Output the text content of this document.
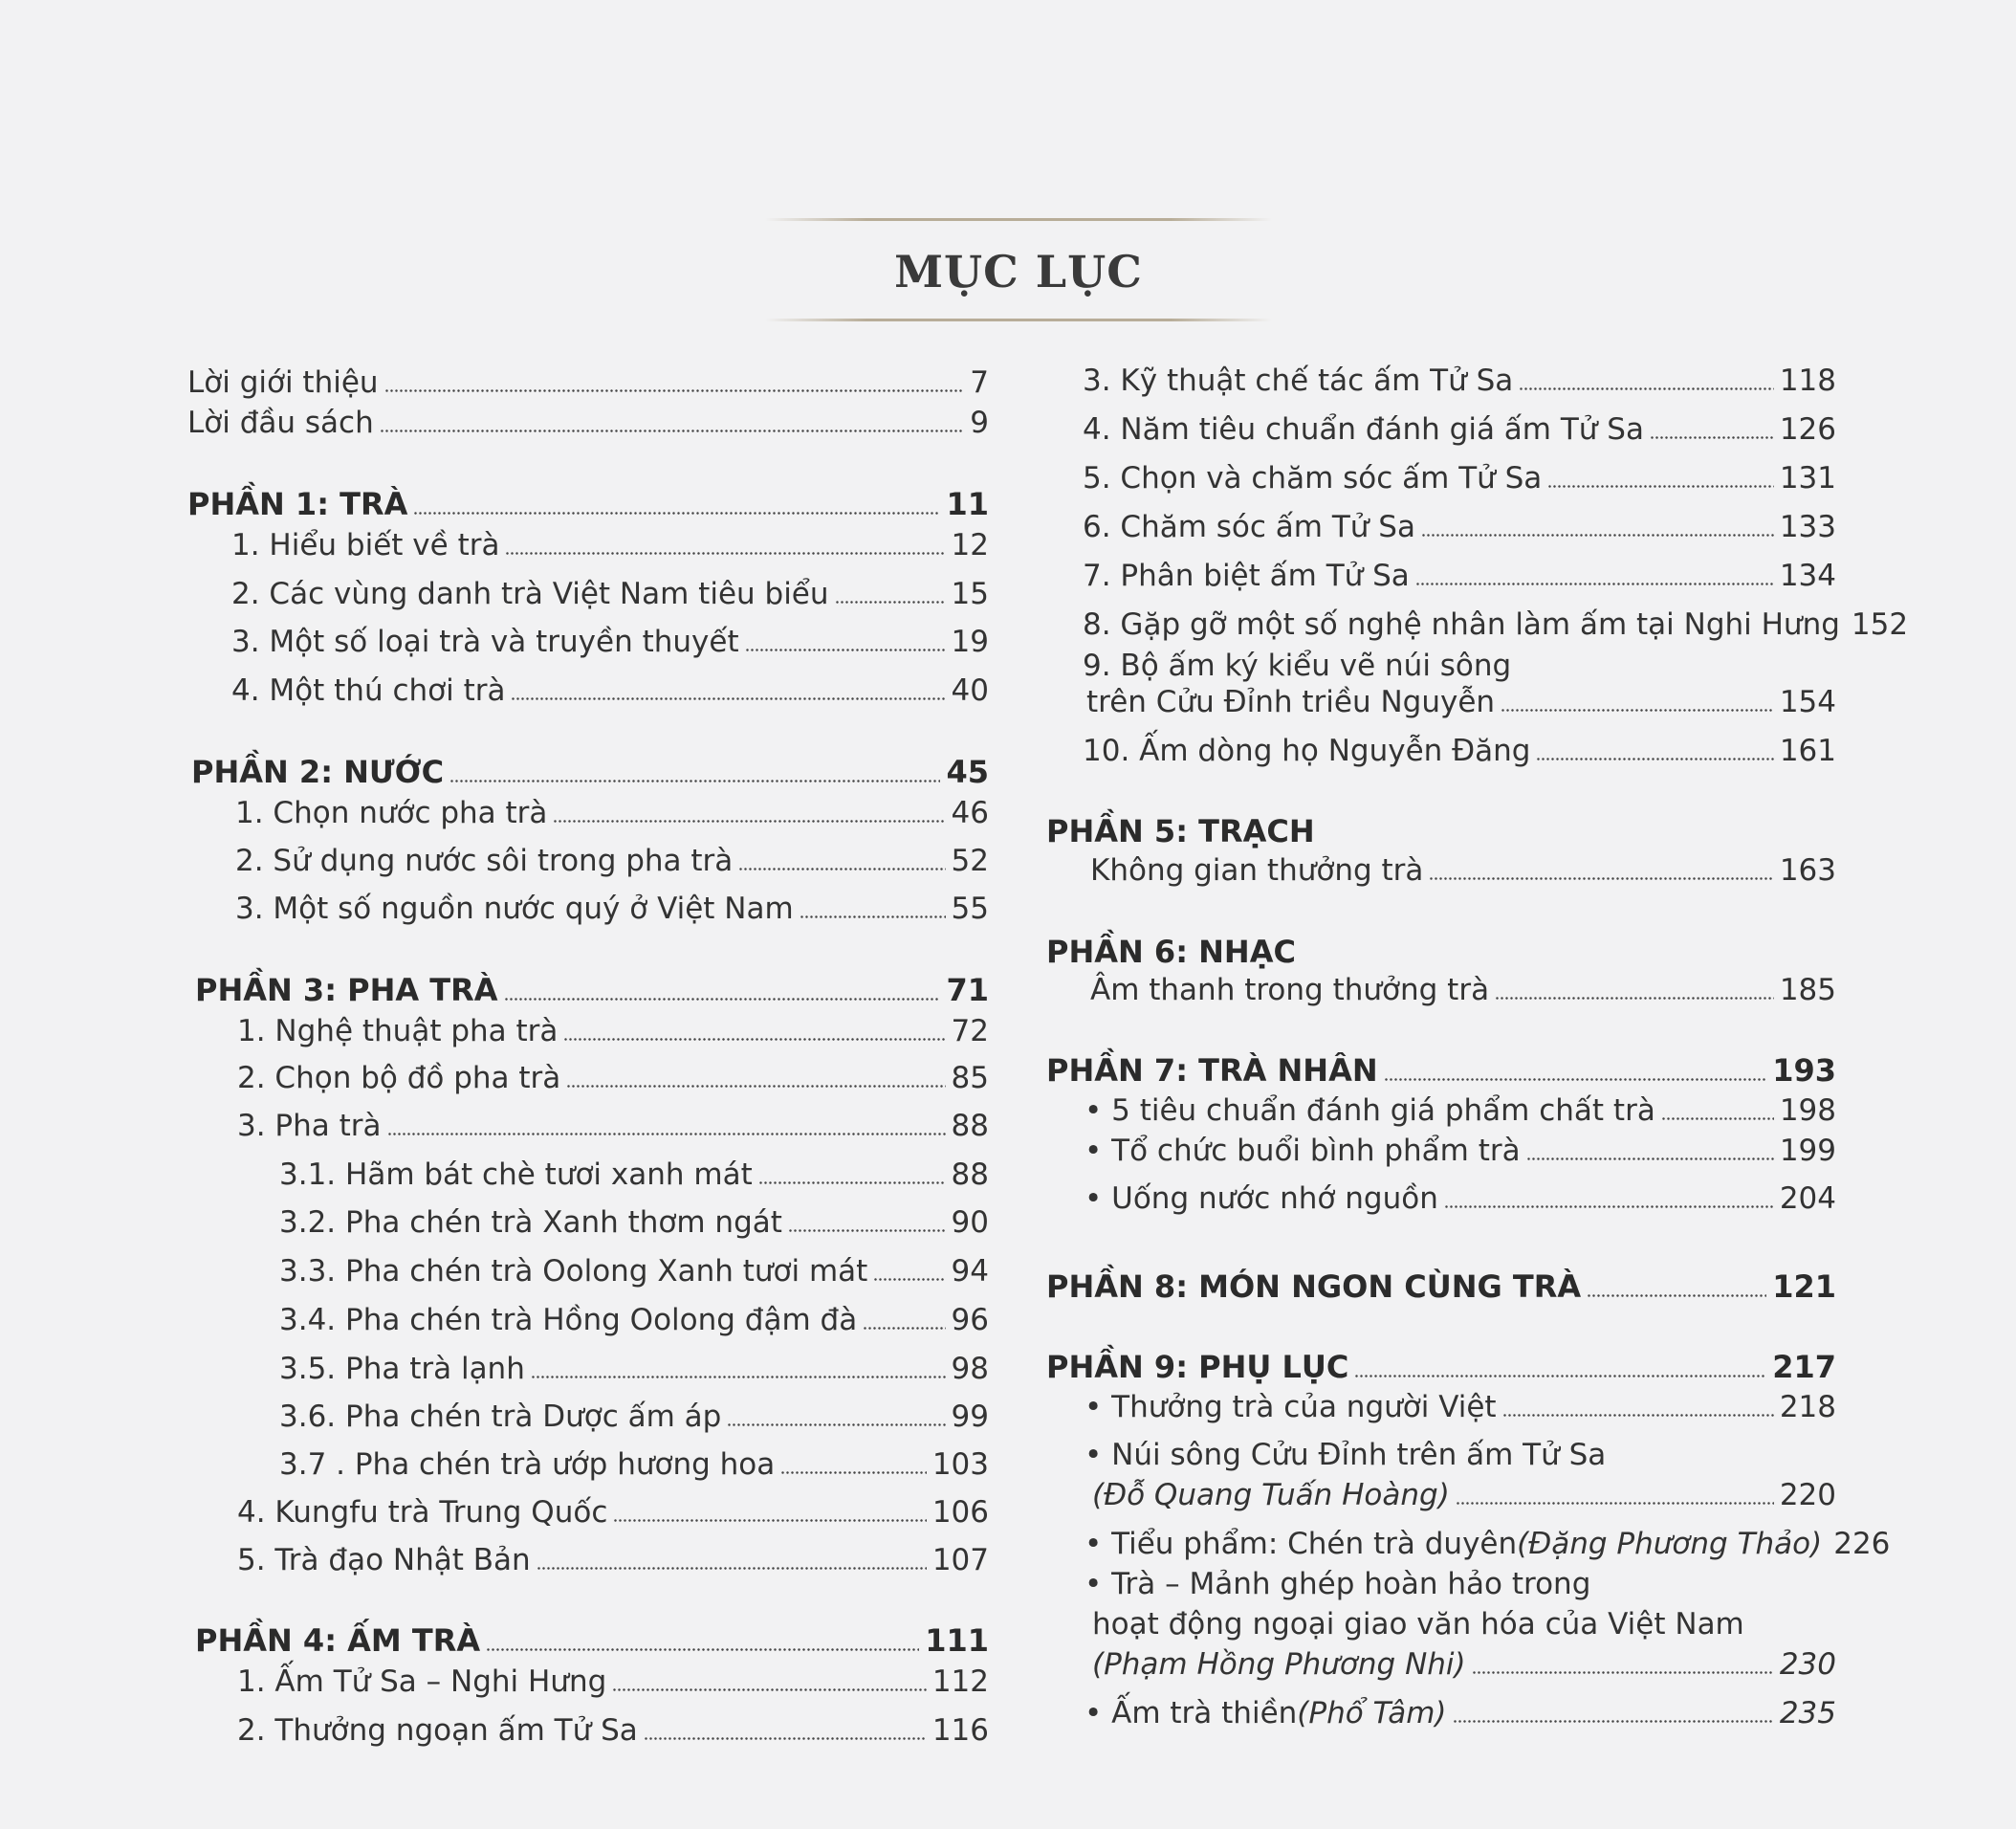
MỤC LỤC
Lời giới thiệu	7
Lời đầu sách	9
PHẦN 1: TRÀ	11
1. Hiểu biết về trà	12
2. Các vùng danh trà Việt Nam tiêu biểu	15
3. Một số loại trà và truyền thuyết	19
4. Một thú chơi trà	40
PHẦN 2: NƯỚC	45
1. Chọn nước pha trà	46
2. Sử dụng nước sôi trong pha trà	52
3. Một số nguồn nước quý ở Việt Nam	55
PHẦN 3: PHA TRÀ	71
1. Nghệ thuật pha trà	72
2. Chọn bộ đồ pha trà	85
3. Pha trà	88
3.1. Hãm bát chè tươi xanh mát	88
3.2. Pha chén trà Xanh thơm ngát	90
3.3. Pha chén trà Oolong Xanh tươi mát	94
3.4. Pha chén trà Hồng Oolong đậm đà	96
3.5. Pha trà lạnh	98
3.6. Pha chén trà Dược ấm áp	99
3.7 . Pha chén trà ướp hương hoa	103
4. Kungfu trà Trung Quốc	106
5. Trà đạo Nhật Bản	107
PHẦN 4: ẤM TRÀ	111
1. Ấm Tử Sa – Nghi Hưng	112
2. Thưởng ngoạn ấm Tử Sa	116
3. Kỹ thuật chế tác ấm Tử Sa	118
4. Năm tiêu chuẩn đánh giá ấm Tử Sa	126
5. Chọn và chăm sóc ấm Tử Sa	131
6. Chăm sóc ấm Tử Sa	133
7. Phân biệt ấm Tử Sa	134
8. Gặp gỡ một số nghệ nhân làm ấm tại Nghi Hưng 152
9. Bộ ấm ký kiểu vẽ núi sông
trên Cửu Đỉnh triều Nguyễn	154
10. Ấm dòng họ Nguyễn Đăng	161
PHẦN 5: TRẠCH
Không gian thưởng trà	163
PHẦN 6: NHẠC
Âm thanh trong thưởng trà	185
PHẦN 7: TRÀ NHÂN	193
• 5 tiêu chuẩn đánh giá phẩm chất trà	198
• Tổ chức buổi bình phẩm trà	199
• Uống nước nhớ nguồn	204
PHẦN 8: MÓN NGON CÙNG TRÀ	121
PHẦN 9: PHỤ LỤC	217
• Thưởng trà của người Việt	218
• Núi sông Cửu Đỉnh trên ấm Tử Sa
(Đỗ Quang Tuấn Hoàng)	220
• Tiểu phẩm: Chén trà duyên (Đặng Phương Thảo) 226
• Trà – Mảnh ghép hoàn hảo trong
hoạt động ngoại giao văn hóa của Việt Nam
(Phạm Hồng Phương Nhi)	230
• Ấm trà thiền (Phổ Tâm)	235
